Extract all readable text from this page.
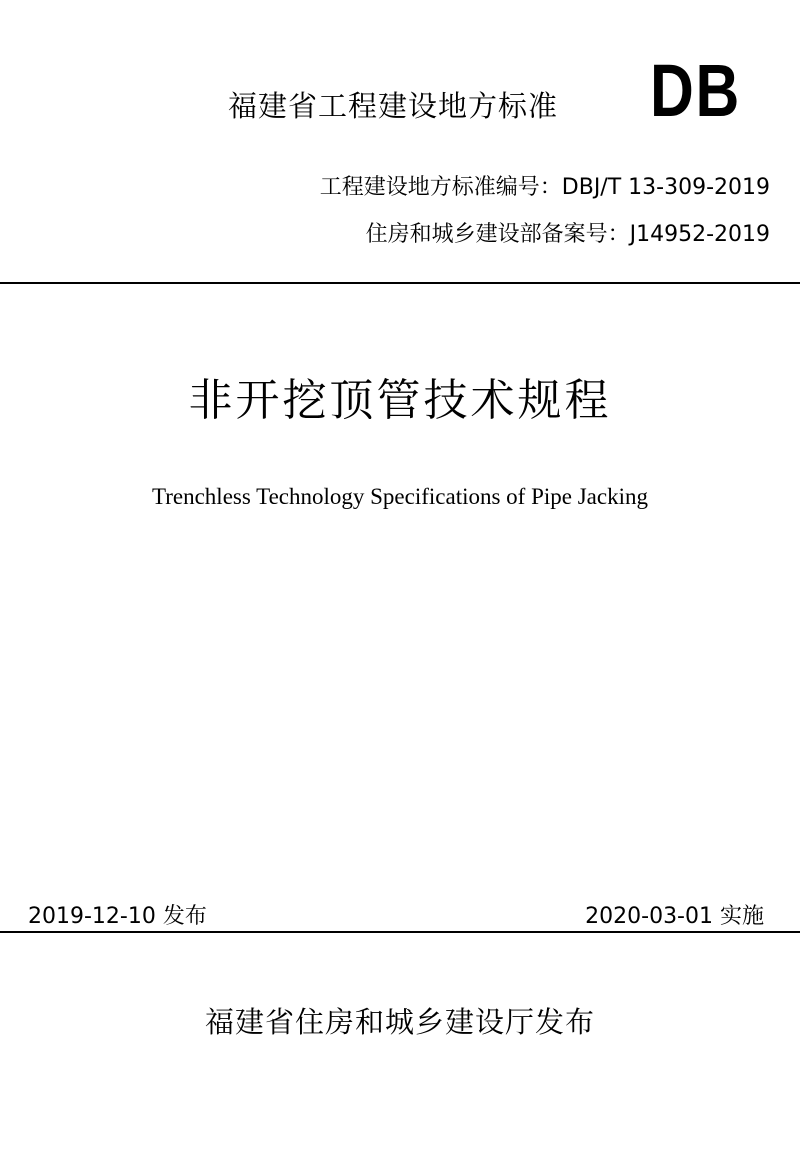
福建省工程建设地方标准 DB
工程建设地方标准编号：DBJ/T 13-309-2019
住房和城乡建设部备案号：J14952-2019
非开挖顶管技术规程
Trenchless Technology Specifications of Pipe Jacking
2019-12-10 发布	2020-03-01 实施
福建省住房和城乡建设厅发布
